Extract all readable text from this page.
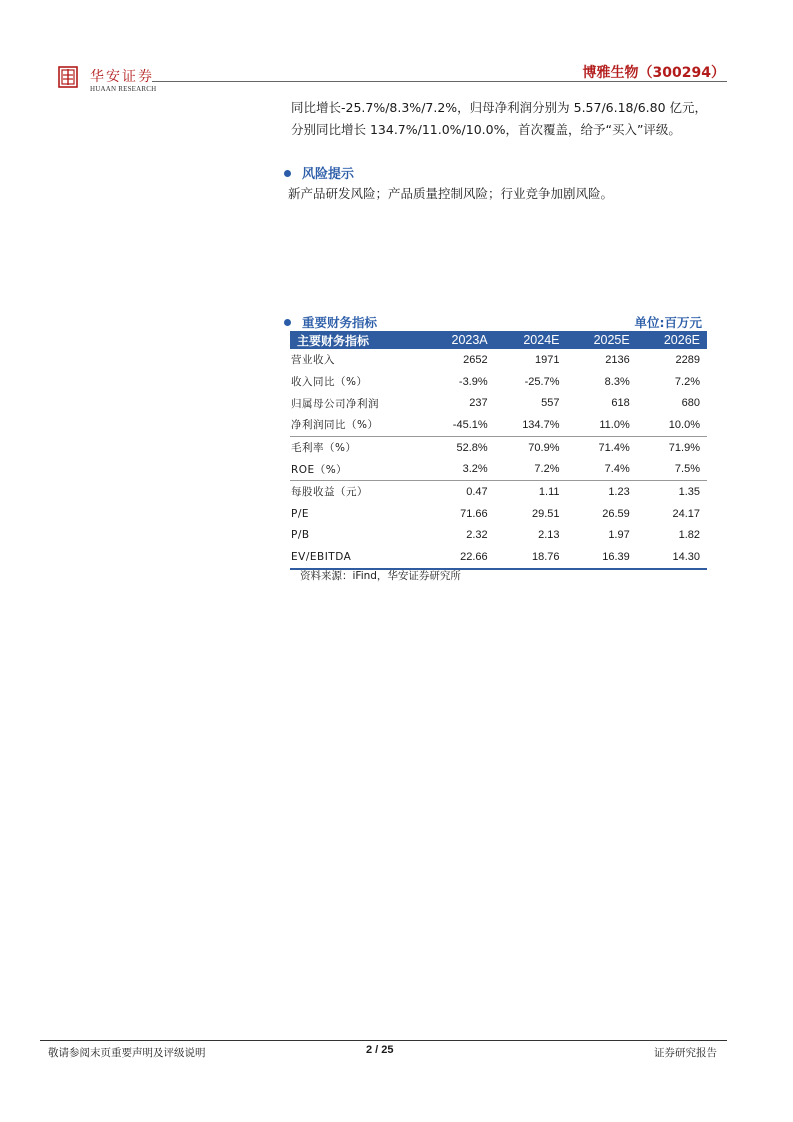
华安证券
HUAAN RESEARCH
博雅生物（300294）
同比增长-25.7%/8.3%/7.2%，归母净利润分别为 5.57/6.18/6.80 亿元，
分别同比增长 134.7%/11.0%/10.0%，首次覆盖，给予“买入”评级。
风险提示
新产品研发风险；产品质量控制风险；行业竞争加剧风险。
重要财务指标	单位:百万元
主要财务指标	2023A	2024E	2025E	2026E
营业收入	2652	1971	2136	2289
收入同比（%）	-3.9%	-25.7%	8.3%	7.2%
归属母公司净利润	237	557	618	680
净利润同比（%）	-45.1%	134.7%	11.0%	10.0%
毛利率（%）	52.8%	70.9%	71.4%	71.9%
ROE（%）	3.2%	7.2%	7.4%	7.5%
每股收益（元）	0.47	1.11	1.23	1.35
P/E	71.66	29.51	26.59	24.17
P/B	2.32	2.13	1.97	1.82
EV/EBITDA	22.66	18.76	16.39	14.30
资料来源：iFind，华安证券研究所
敬请参阅末页重要声明及评级说明	2 / 25	证券研究报告
